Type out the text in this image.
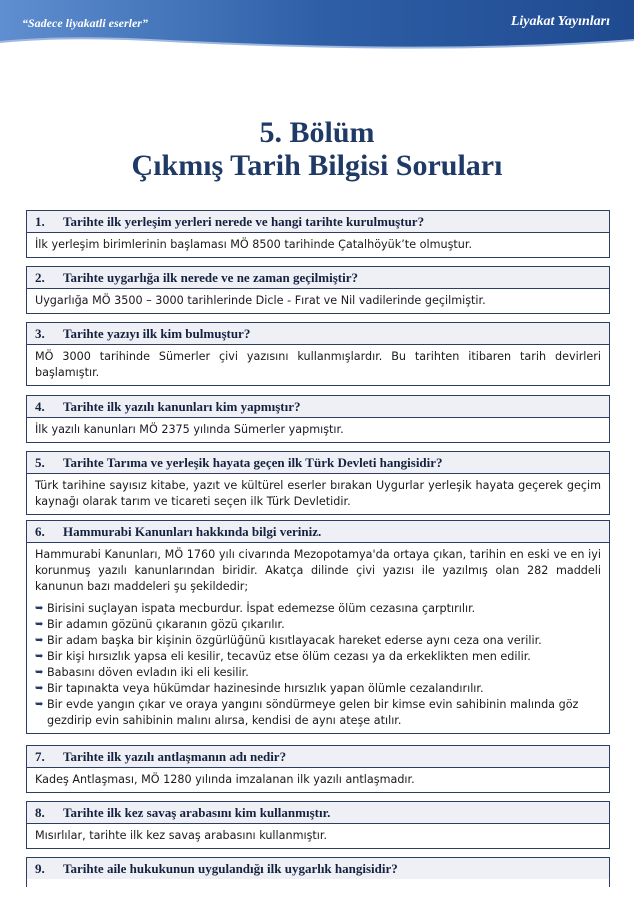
“Sadece liyakatli eserler”	Liyakat Yayınları
5. Bölüm
Çıkmış Tarih Bilgisi Soruları
1. Tarihte ilk yerleşim yerleri nerede ve hangi tarihte kurulmuştur?
İlk yerleşim birimlerinin başlaması MÖ 8500 tarihinde Çatalhöyük’te olmuştur.
2. Tarihte uygarlığa ilk nerede ve ne zaman geçilmiştir?
Uygarlığa MÖ 3500 – 3000 tarihlerinde Dicle - Fırat ve Nil vadilerinde geçilmiştir.
3. Tarihte yazıyı ilk kim bulmuştur?
MÖ 3000 tarihinde Sümerler çivi yazısını kullanmışlardır. Bu tarihten itibaren tarih devirleri başlamıştır.
4. Tarihte ilk yazılı kanunları kim yapmıştır?
İlk yazılı kanunları MÖ 2375 yılında Sümerler yapmıştır.
5. Tarihte Tarıma ve yerleşik hayata geçen ilk Türk Devleti hangisidir?
Türk tarihine sayısız kitabe, yazıt ve kültürel eserler bırakan Uygurlar yerleşik hayata geçerek geçim kaynağı olarak tarım ve ticareti seçen ilk Türk Devletidir.
6. Hammurabi Kanunları hakkında bilgi veriniz.
Hammurabi Kanunları, MÖ 1760 yılı civarında Mezopotamya'da ortaya çıkan, tarihin en eski ve en iyi korunmuş yazılı kanunlarından biridir. Akatça dilinde çivi yazısı ile yazılmış olan 282 maddeli kanunun bazı maddeleri şu şekildedir;
➥
Birisini suçlayan ispata mecburdur. İspat edemezse ölüm cezasına çarptırılır.
➥
Bir adamın gözünü çıkaranın gözü çıkarılır.
➥
Bir adam başka bir kişinin özgürlüğünü kısıtlayacak hareket ederse aynı ceza ona verilir.
➥
Bir kişi hırsızlık yapsa eli kesilir, tecavüz etse ölüm cezası ya da erkeklikten men edilir.
➥
Babasını döven evladın iki eli kesilir.
➥
Bir tapınakta veya hükümdar hazinesinde hırsızlık yapan ölümle cezalandırılır.
➥
Bir evde yangın çıkar ve oraya yangını söndürmeye gelen bir kimse evin sahibinin malında göz gezdirip evin sahibinin malını alırsa, kendisi de aynı ateşe atılır.
7. Tarihte ilk yazılı antlaşmanın adı nedir?
Kadeş Antlaşması, MÖ 1280 yılında imzalanan ilk yazılı antlaşmadır.
8. Tarihte ilk kez savaş arabasını kim kullanmıştır.
Mısırlılar, tarihte ilk kez savaş arabasını kullanmıştır.
9. Tarihte aile hukukunun uygulandığı ilk uygarlık hangisidir?
